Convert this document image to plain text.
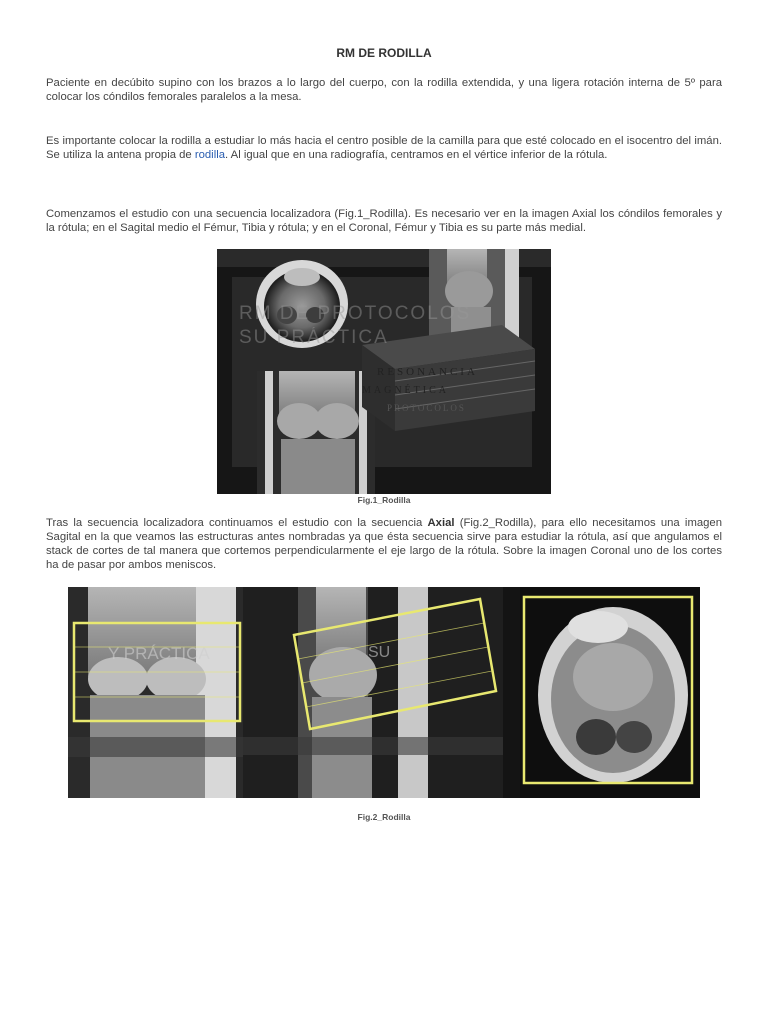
RM DE RODILLA
Paciente en decúbito supino con los brazos a lo largo del cuerpo, con la rodilla extendida, y una ligera rotación interna de 5º para colocar los cóndilos femorales paralelos a la mesa.
Es importante colocar la rodilla a estudiar lo más hacia el centro posible de la camilla para que esté colocado en el isocentro del imán. Se utiliza la antena propia de rodilla. Al igual que en una radiografía, centramos en el vértice inferior de la rótula.
Comenzamos el estudio con una secuencia localizadora (Fig.1_Rodilla). Es necesario ver en la imagen Axial los cóndilos femorales y la rótula; en el Sagital medio el Fémur, Tibia y rótula; y en el Coronal, Fémur y Tibia es su parte más medial.
RESONANCIA
MAGNÉTICA
PROTOCOLOS
RM DE PROTOCOLOS
SU PRÁCTICA
Fig.1_Rodilla
Tras la secuencia localizadora continuamos el estudio con la secuencia Axial (Fig.2_Rodilla), para ello necesitamos una imagen Sagital en la que veamos las estructuras antes nombradas ya que ésta secuencia sirve para estudiar la rótula, así que angulamos el stack de cortes de tal manera que cortemos perpendicularmente el eje largo de la rótula. Sobre la imagen Coronal uno de los cortes ha de pasar por ambos meniscos.
Y PRÁCTICA	SU
Fig.2_Rodilla
